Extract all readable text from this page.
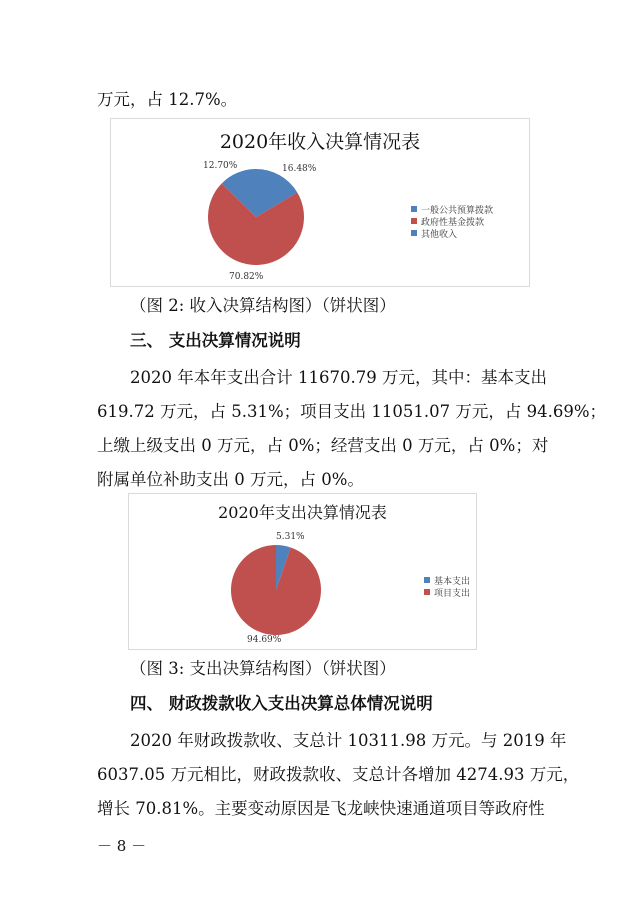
万元，占 12.7%。
2020年收入决算情况表
12.70%	16.48%
70.82%
一般公共预算拨款
政府性基金拨款
其他收入
（图 2: 收入决算结构图）（饼状图）
三、 支出决算情况说明
2020 年本年支出合计 11670.79 万元，其中：基本支出
619.72 万元，占 5.31%；项目支出 11051.07 万元，占 94.69%；
上缴上级支出 0 万元，占 0%；经营支出 0 万元，占 0%；对
附属单位补助支出 0 万元，占 0%。
2020年支出决算情况表
5.31%
94.69%
基本支出
项目支出
（图 3: 支出决算结构图）（饼状图）
四、 财政拨款收入支出决算总体情况说明
2020 年财政拨款收、支总计 10311.98 万元。与 2019 年
6037.05 万元相比，财政拨款收、支总计各增加 4274.93 万元，
增长 70.81%。主要变动原因是飞龙峡快速通道项目等政府性
－ 8 －
